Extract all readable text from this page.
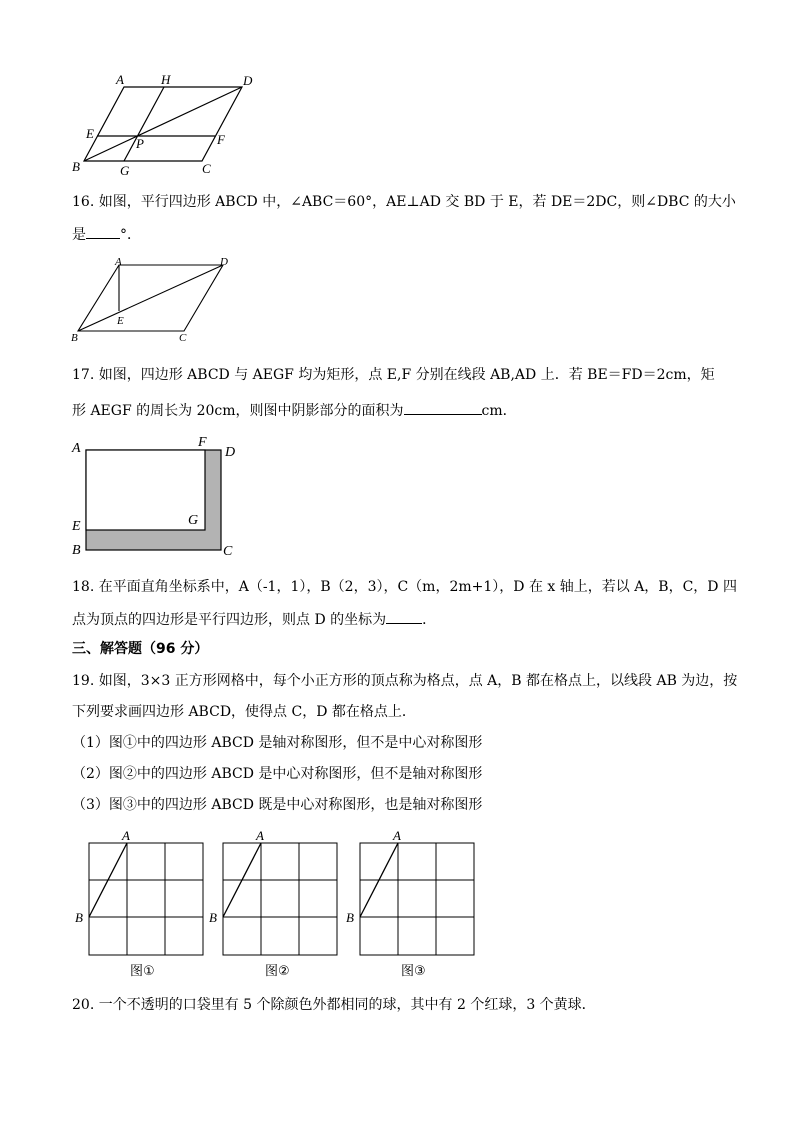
A	H	D
E	F
P
B	G	C
16. 如图，平行四边形 ABCD 中，∠ABC＝60°，AE⊥AD 交 BD 于 E，若 DE＝2DC，则∠DBC 的大小
是 °．
A	D
E
B	C
17. 如图，四边形 ABCD 与 AEGF 均为矩形，点 E,F 分别在线段 AB,AD 上．若 BE＝FD＝2cm，矩
形 AEGF 的周长为 20cm，则图中阴影部分的面积为	cm．
A	F
D
E	G
B	C
18. 在平面直角坐标系中，A（-1，1），B（2，3），C（m，2m+1），D 在 x 轴上，若以 A，B，C，D 四
点为顶点的四边形是平行四边形，则点 D 的坐标为	．
三、解答题（96 分）
19. 如图，3×3 正方形网格中，每个小正方形的顶点称为格点，点 A，B 都在格点上，以线段 AB 为边，按
下列要求画四边形 ABCD，使得点 C，D 都在格点上．
（1）图①中的四边形 ABCD 是轴对称图形，但不是中心对称图形
（2）图②中的四边形 ABCD 是中心对称图形，但不是轴对称图形
（3）图③中的四边形 ABCD 既是中心对称图形，也是轴对称图形
A
B
图①
A
B
图②
A
B
图③
20. 一个不透明的口袋里有 5 个除颜色外都相同的球，其中有 2 个红球，3 个黄球．
